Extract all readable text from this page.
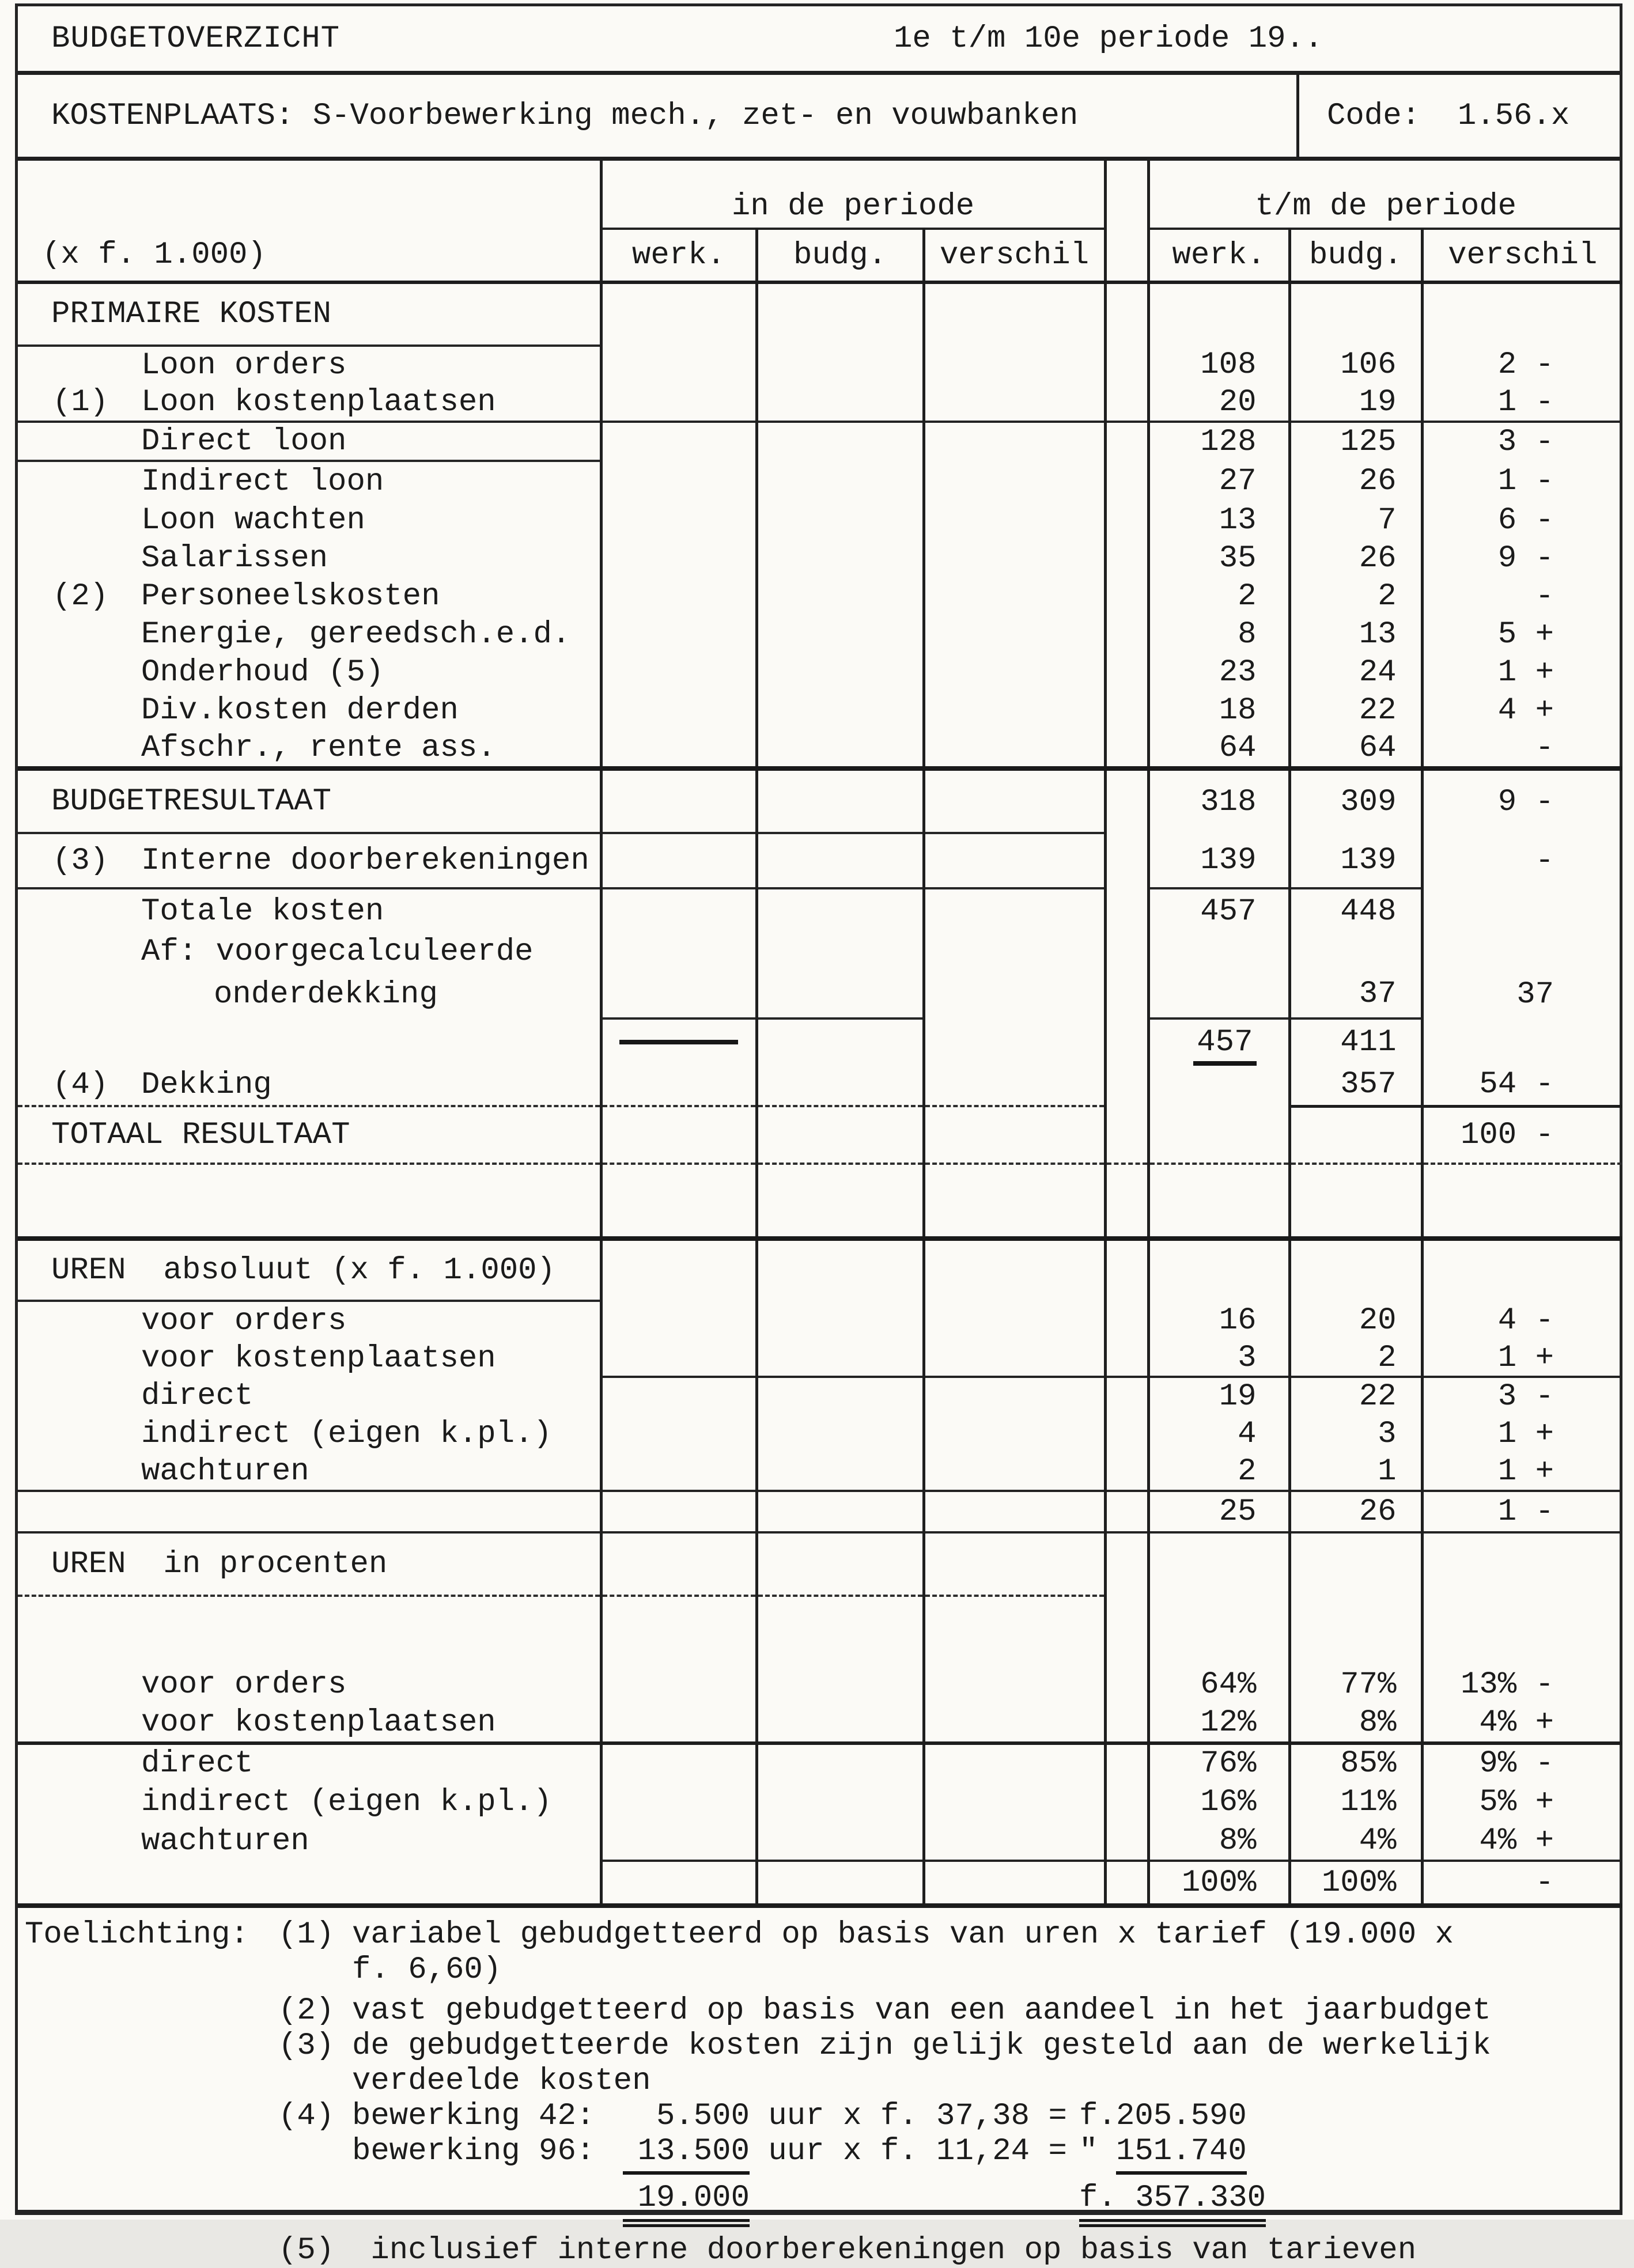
BUDGETOVERZICHT	1e t/m 10e periode 19..
KOSTENPLAATS: S-Voorbewerking mech., zet- en vouwbanken	Code: 1.56.x
(x f. 1.000)	in de periode				t/m de periode		
	werk.	budg.	verschil		werk.	budg.	verschil
PRIMAIRE KOSTEN							
Loon orders					108	106	2 -
(1) Loon kostenplaatsen					20	19	1 -
Direct loon					128	125	3 -
Indirect loon					27	26	1 -
Loon wachten					13	7	6 -
Salarissen					35	26	9 -
(2) Personeelskosten					2	2	-
Energie, gereedsch.e.d.					8	13	5 +
Onderhoud (5)					23	24	1 +
Div.kosten derden					18	22	4 +
Afschr., rente ass.					64	64	-
BUDGETRESULTAAT					318	309	9 -
(3) Interne doorberekeningen					139	139	-
Totale kosten					457	448	
Af: voorgecalculeerde							
onderdekking						37	37

				457	411	
(4) Dekking						357	54 -
TOTAAL RESULTAAT							100 -

UREN  absoluut (x f. 1.000)							
voor orders					16	20	4 -
voor kostenplaatsen					3	2	1 +
direct					19	22	3 -
indirect (eigen k.pl.)					4	3	1 +
wachturen					2	1	1 +
					25	26	1 -
UREN  in procenten							

voor orders					64%	77%	13% -
voor kostenplaatsen					12%	8%	4% +
direct					76%	85%	9% -
indirect (eigen k.pl.)					16%	11%	5% +
wachturen					8%	4%	4% +
					100%	100%	-
Toelichting: (1) variabel gebudgetteerd op basis van uren x tarief (19.000 x
f. 6,60)
(2) vast gebudgetteerd op basis van een aandeel in het jaarbudget
(3) de gebudgetteerde kosten zijn gelijk gesteld aan de werkelijk
verdeelde kosten
(4) bewerking 42:	5.500 uur x f. 37,38 = f. 205.590
bewerking 96:	13.500 uur x f. 11,24 = " 151.740
19.000	f. 357.330
(5) inclusief interne doorberekeningen op basis van tarieven
